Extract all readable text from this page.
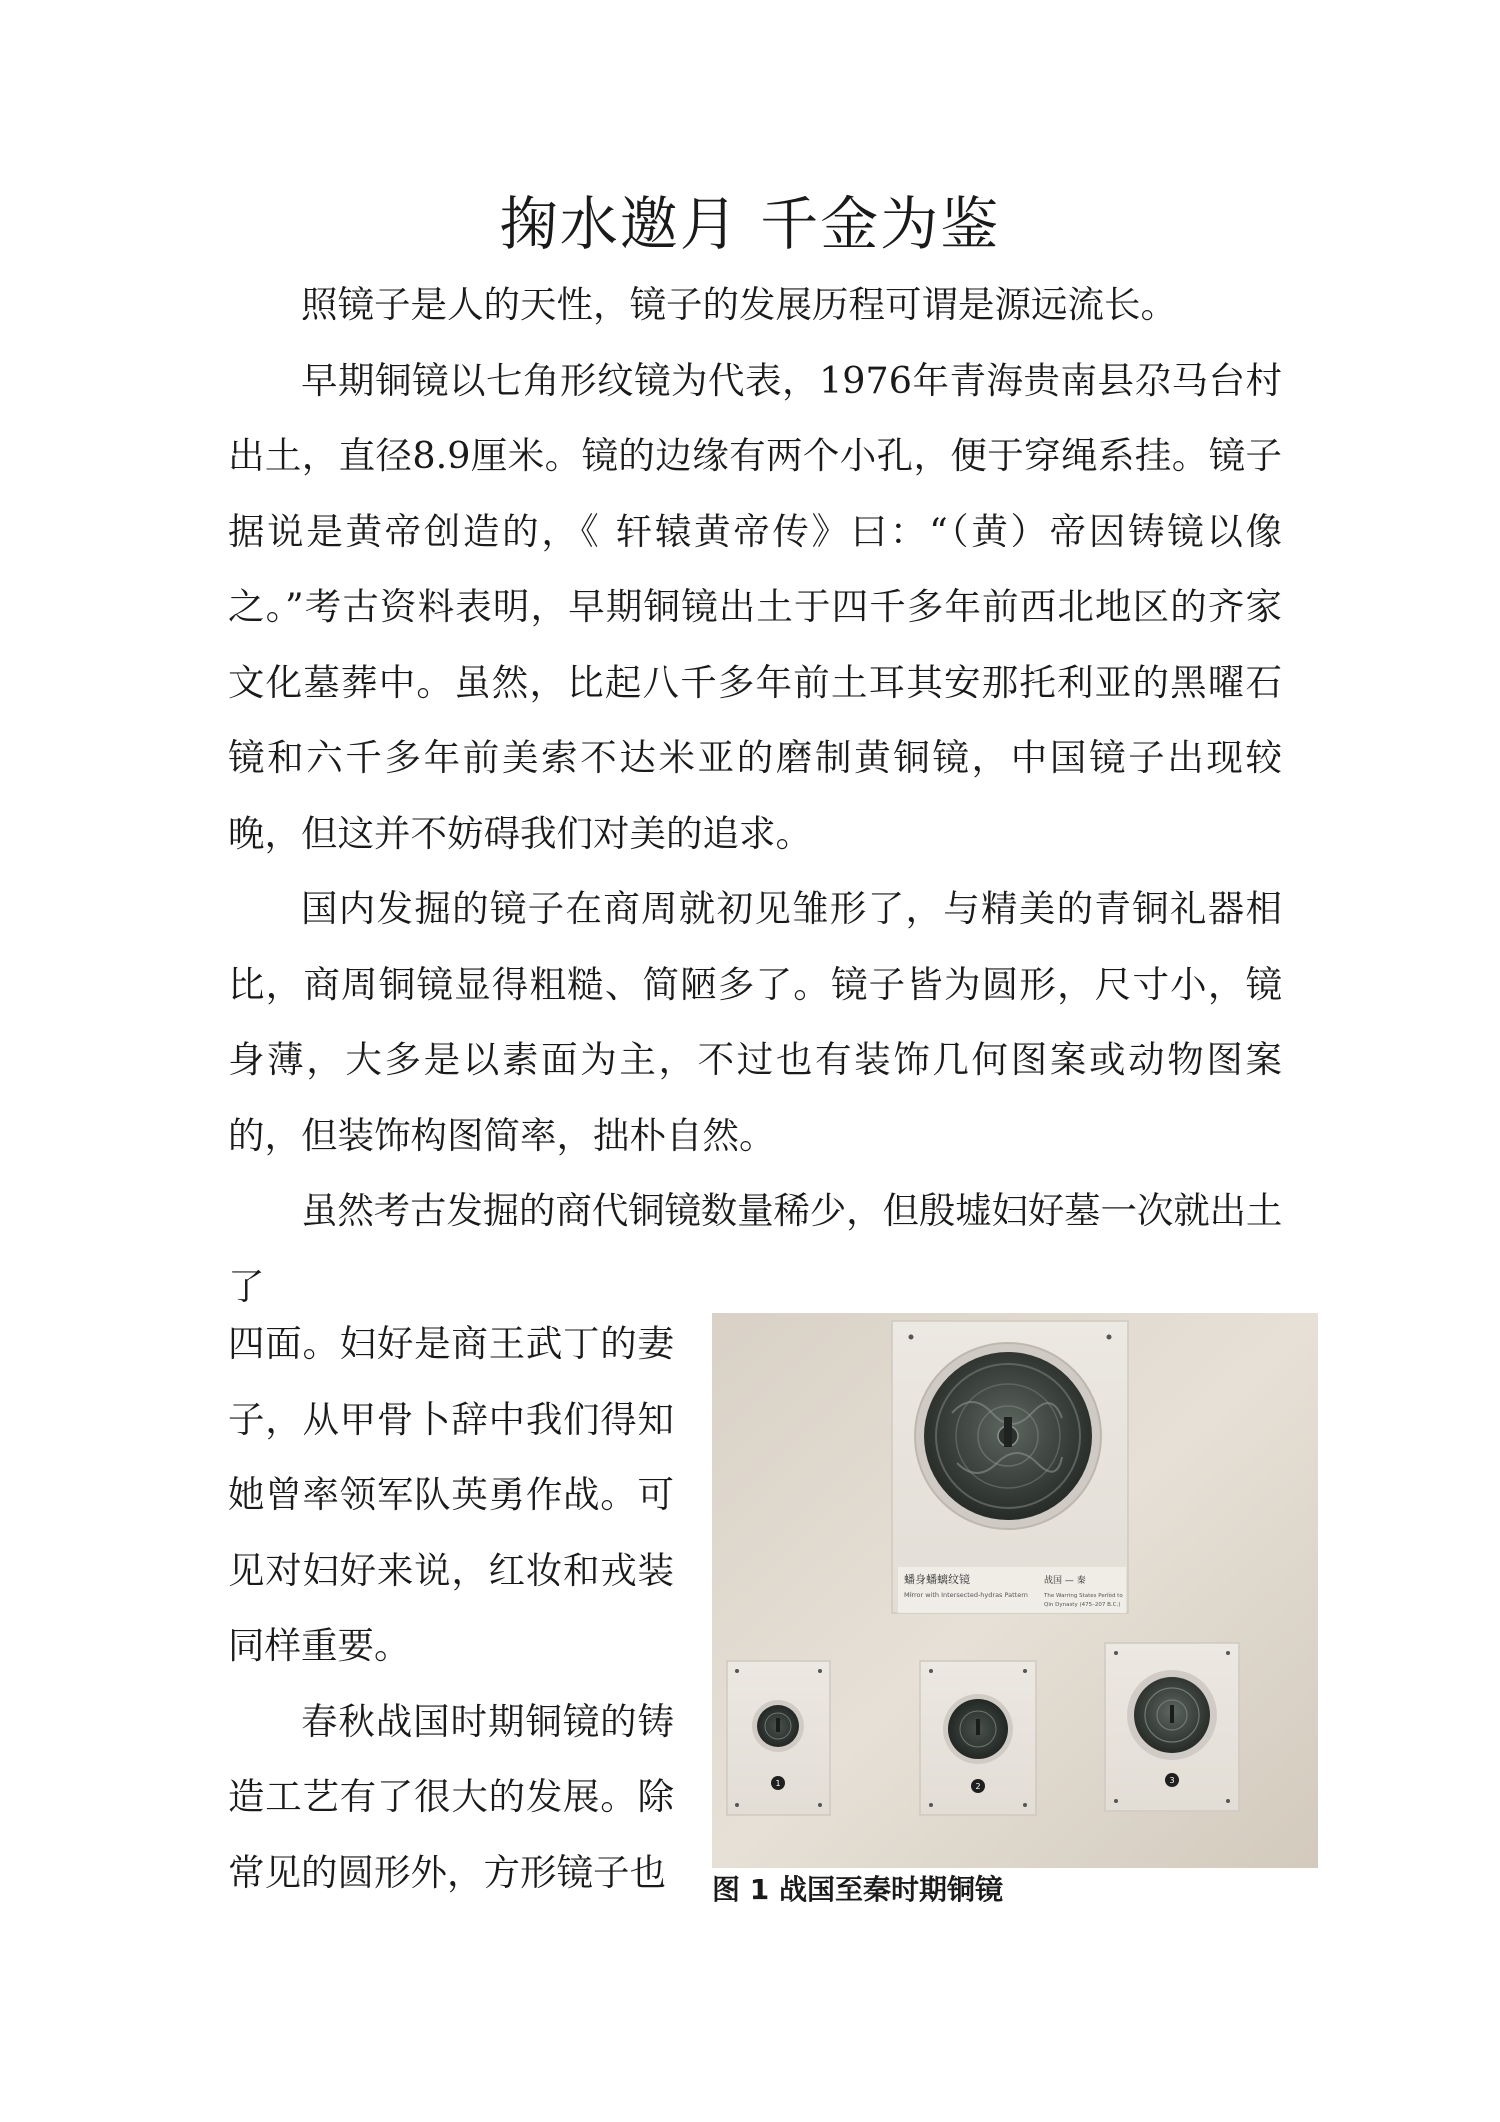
掬水邀月 千金为鉴

照镜子是人的天性，镜子的发展历程可谓是源远流长。

早期铜镜以七角形纹镜为代表，1976年青海贵南县尕马台村出土，直径8.9厘米。镜的边缘有两个小孔，便于穿绳系挂。镜子据说是黄帝创造的，《 轩辕黄帝传》曰：“（黄）帝因铸镜以像之。”考古资料表明，早期铜镜出土于四千多年前西北地区的齐家文化墓葬中。虽然，比起八千多年前土耳其安那托利亚的黑曜石镜和六千多年前美索不达米亚的磨制黄铜镜，中国镜子出现较晚，但这并不妨碍我们对美的追求。

国内发掘的镜子在商周就初见雏形了，与精美的青铜礼器相比，商周铜镜显得粗糙、简陋多了。镜子皆为圆形，尺寸小，镜身薄，大多是以素面为主，不过也有装饰几何图案或动物图案的，但装饰构图简率，拙朴自然。

虽然考古发掘的商代铜镜数量稀少，但殷墟妇好墓一次就出土了

四面。妇好是商王武丁的妻子，从甲骨卜辞中我们得知她曾率领军队英勇作战。可见对妇好来说，红妆和戎装同样重要。

春秋战国时期铜镜的铸造工艺有了很大的发展。除常见的圆形外，方形镜子也

蟠身蟠螭纹镜
Mirror with Intersected-hydras Pattern
战国 — 秦
The Warring States Period to
Qin Dynasty (475–207 B.C.)
1	2
3
图 1 战国至秦时期铜镜
